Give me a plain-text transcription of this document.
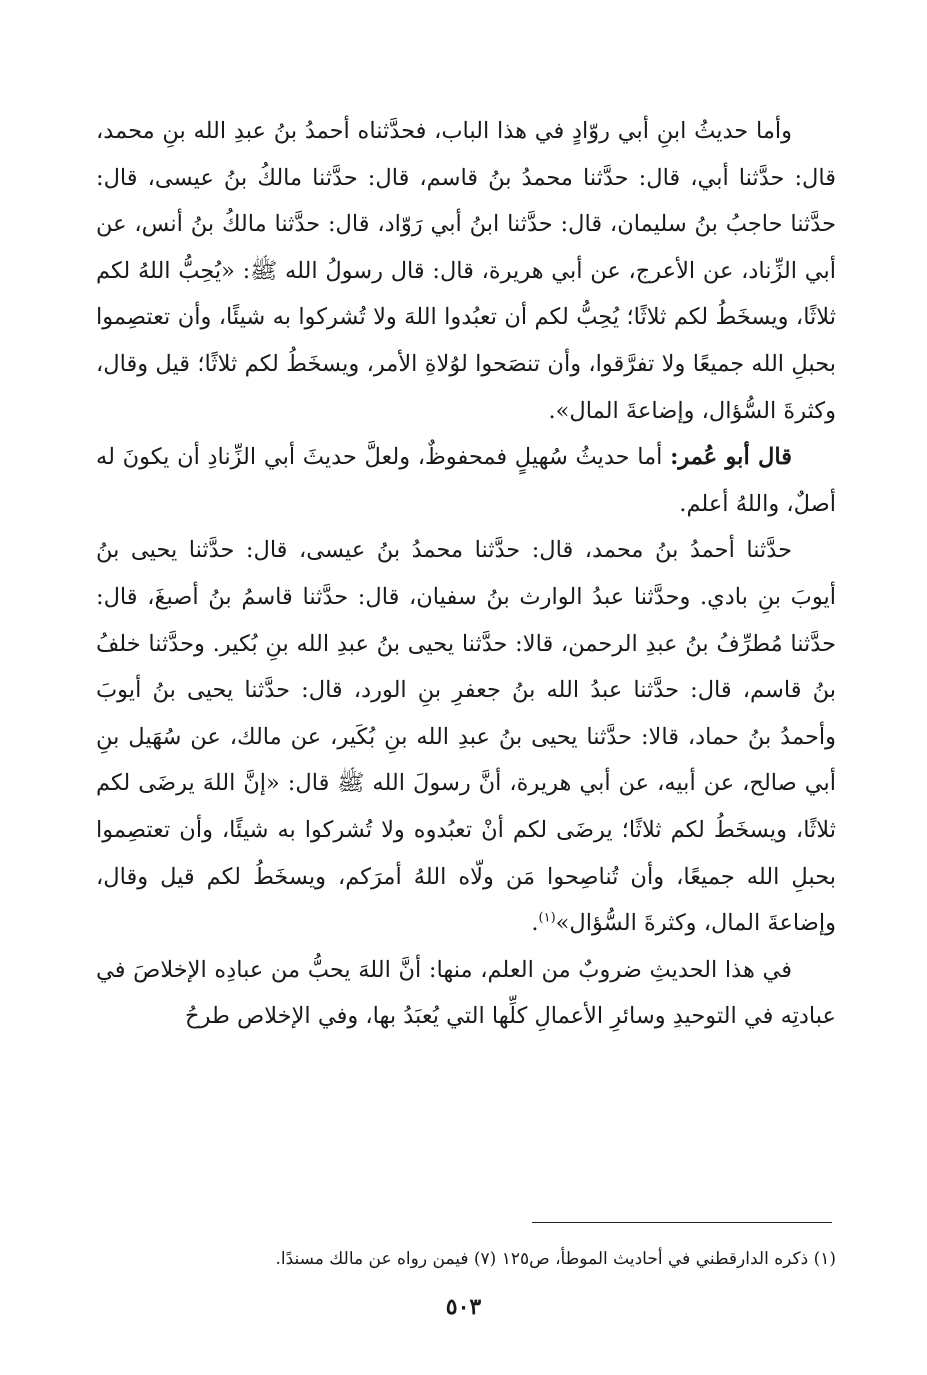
وأما حديثُ ابنِ أبي روّادٍ في هذا الباب، فحدَّثناه أحمدُ بنُ عبدِ الله بنِ محمد، قال: حدَّثنا أبي، قال: حدَّثنا محمدُ بنُ قاسم، قال: حدَّثنا مالكُ بنُ عيسى، قال: حدَّثنا حاجبُ بنُ سليمان، قال: حدَّثنا ابنُ أبي رَوّاد، قال: حدَّثنا مالكُ بنُ أنس، عن أبي الزِّناد، عن الأعرج، عن أبي هريرة، قال: قال رسولُ الله ﷺ: «يُحِبُّ اللهُ لكم ثلاثًا، ويسخَطُ لكم ثلاثًا؛ يُحِبُّ لكم أن تعبُدوا اللهَ ولا تُشركوا به شيئًا، وأن تعتصِموا بحبلِ الله جميعًا ولا تفرَّقوا، وأن تنصَحوا لوُلاةِ الأمر، ويسخَطُ لكم ثلاثًا؛ قيل وقال، وكثرةَ السُّؤال، وإضاعةَ المال».

قال أبو عُمر: أما حديثُ سُهيلٍ فمحفوظٌ، ولعلَّ حديثَ أبي الزِّنادِ أن يكونَ له أصلٌ، واللهُ أعلم.

حدَّثنا أحمدُ بنُ محمد، قال: حدَّثنا محمدُ بنُ عيسى، قال: حدَّثنا يحيى بنُ أيوبَ بنِ بادي. وحدَّثنا عبدُ الوارث بنُ سفيان، قال: حدَّثنا قاسمُ بنُ أصبغَ، قال: حدَّثنا مُطرِّفُ بنُ عبدِ الرحمن، قالا: حدَّثنا يحيى بنُ عبدِ الله بنِ بُكير. وحدَّثنا خلفُ بنُ قاسم، قال: حدَّثنا عبدُ الله بنُ جعفرِ بنِ الورد، قال: حدَّثنا يحيى بنُ أيوبَ وأحمدُ بنُ حماد، قالا: حدَّثنا يحيى بنُ عبدِ الله بنِ بُكَير، عن مالك، عن سُهَيل بنِ أبي صالح، عن أبيه، عن أبي هريرة، أنَّ رسولَ الله ﷺ قال: «إنَّ اللهَ يرضَى لكم ثلاثًا، ويسخَطُ لكم ثلاثًا؛ يرضَى لكم أنْ تعبُدوه ولا تُشركوا به شيئًا، وأن تعتصِموا بحبلِ الله جميعًا، وأن تُناصِحوا مَن ولّاه اللهُ أمرَكم، ويسخَطُ لكم قيل وقال، وإضاعةَ المال، وكثرةَ السُّؤال»$^{(١)}$.

في هذا الحديثِ ضروبٌ من العلم، منها: أنَّ اللهَ يحبُّ من عبادِه الإخلاصَ في عبادتِه في التوحيدِ وسائرِ الأعمالِ كلِّها التي يُعبَدُ بها، وفي الإخلاص طرحُ

(١) ذكره الدارقطني في أحاديث الموطأ، ص١٢٥ (٧) فيمن رواه عن مالك مسندًا.

٥٠٣
